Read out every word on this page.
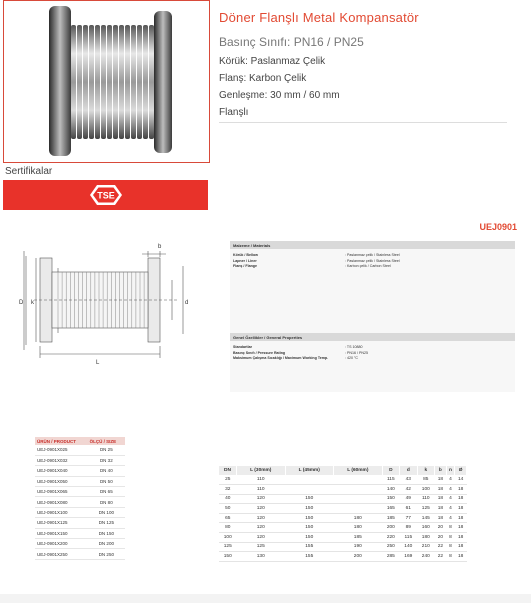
Sertifikalar
TSE
Döner Flanşlı Metal Kompansatör
Basınç Sınıfı: PN16 / PN25
Körük: Paslanmaz Çelik
Flanş: Karbon Çelik
Genleşme: 30 mm / 60 mm
Flanşlı
UEJ0901
b
D k	d
L
Malzeme / Materials
Körük / Bellow	: Paslanmaz çelik / Stainless Steel
Lapner / Liner	: Paslanmaz çelik / Stainless Steel
Flanş / Flange	: Karbon çelik / Carbon Steel
Genel Özellikler / General Properties
Standartlar	: TS 10880
Basınç Sınıfı / Pressure Rating	: PN16 / PN25
Maksimum Çalışma Sıcaklığı / Maximum Working Temp.	: 420 °C
ÜRÜN / PRODUCT	ÖLÇÜ / SIZE
UEJ-0901X025	DN 25
UEJ-0901X032	DN 32
UEJ-0901X040	DN 40
UEJ-0901X050	DN 50
UEJ-0901X065	DN 65
UEJ-0901X080	DN 80
UEJ-0901X100	DN 100
UEJ-0901X125	DN 125
UEJ-0901X150	DN 150
UEJ-0901X200	DN 200
UEJ-0901X250	DN 250
DN	L (30mm)	L (45mm)	L (60mm)	D	d	k	b	n	Ø
25	110			115	43	85	18	4	14
32	110			140	42	100	18	4	18
40	120	150		150	49	110	18	4	18
50	120	150		165	61	125	18	4	18
65	120	150	180	185	77	145	18	4	18
80	120	150	180	200	89	160	20	8	18
100	120	150	185	220	115	180	20	8	18
125	125	155	190	250	140	210	22	8	18
150	130	155	200	285	169	240	22	8	18
